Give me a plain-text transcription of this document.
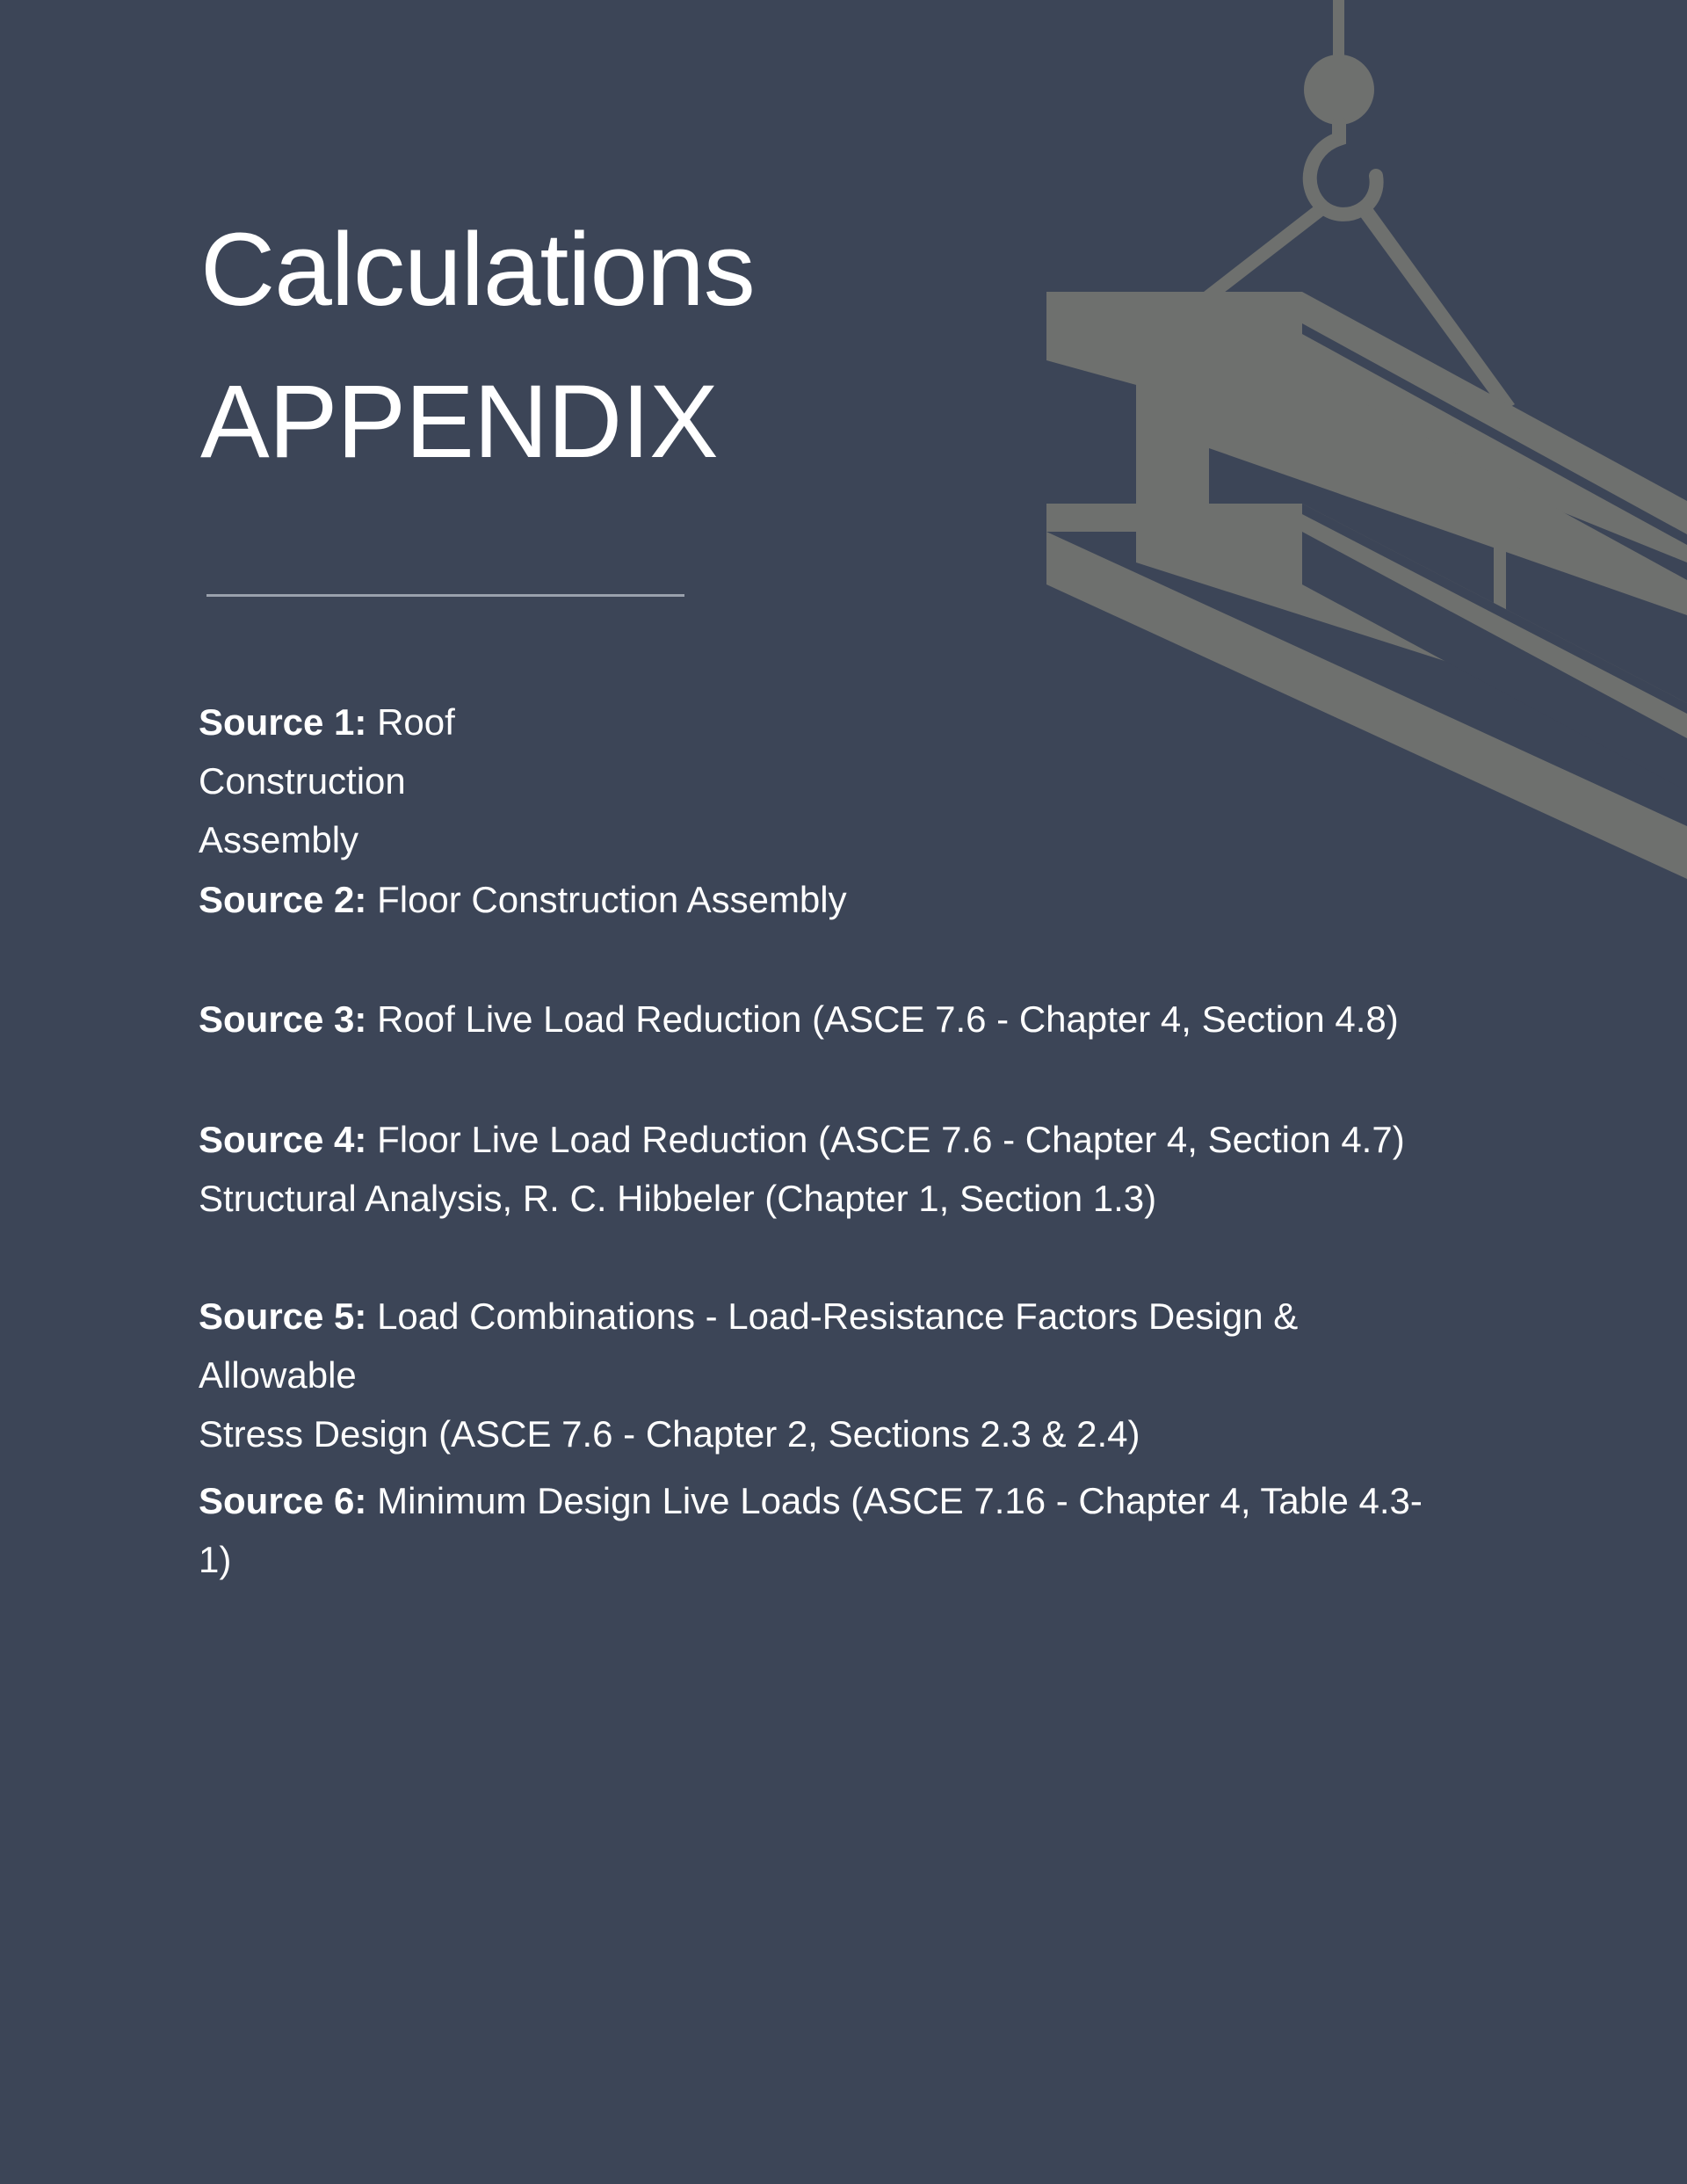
Calculations
APPENDIX
Source 1: Roof Construction
Assembly
Source 2: Floor Construction Assembly
Source 3: Roof Live Load Reduction (ASCE 7.6 - Chapter 4, Section 4.8)
Source 4: Floor Live Load Reduction (ASCE 7.6 - Chapter 4, Section 4.7)
Structural Analysis, R. C. Hibbeler (Chapter 1, Section 1.3)
Source 5: Load Combinations - Load-Resistance Factors Design & Allowable
Stress Design (ASCE 7.6 - Chapter 2, Sections 2.3 & 2.4)
Source 6: Minimum Design Live Loads (ASCE 7.16 - Chapter 4, Table 4.3-1)
